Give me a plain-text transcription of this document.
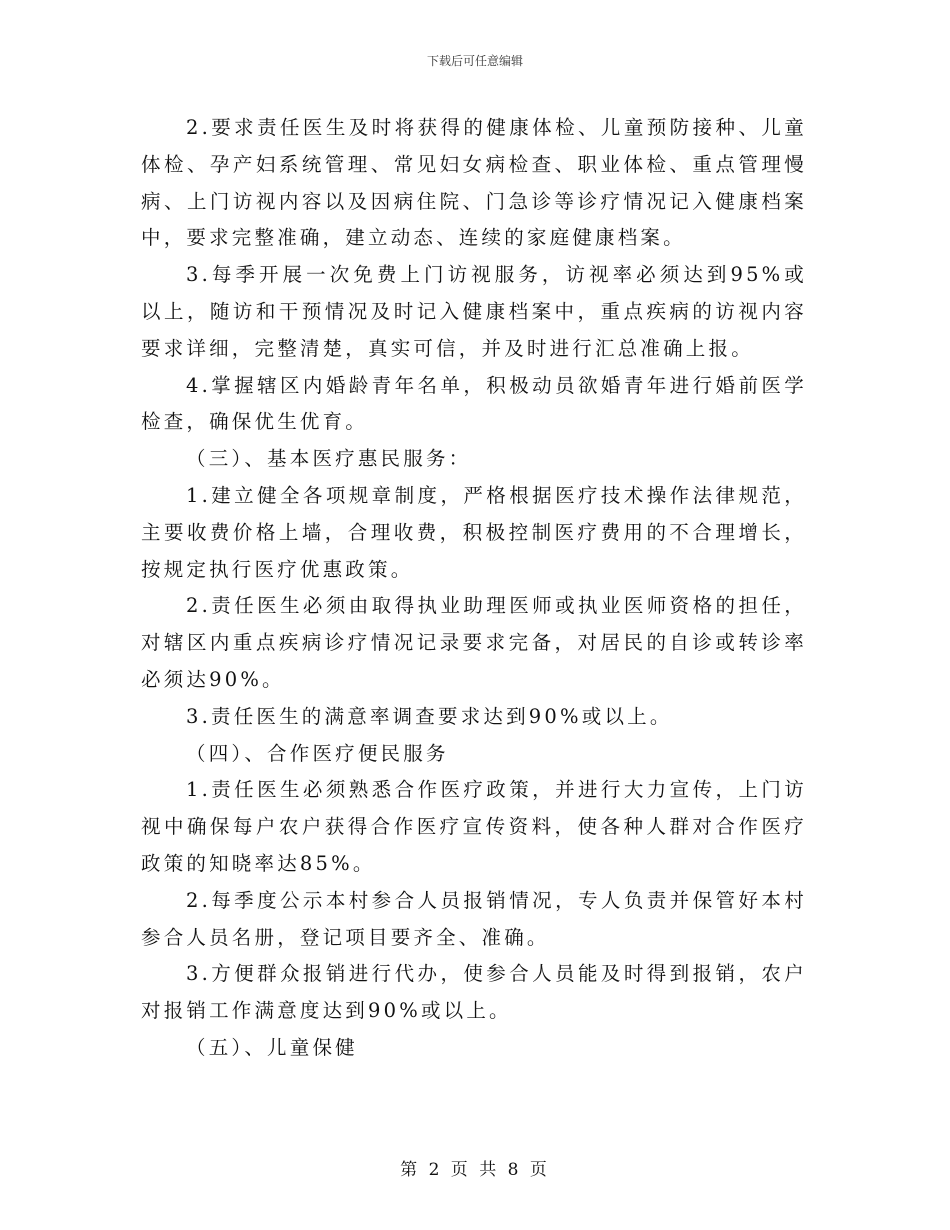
下载后可任意编辑

2.要求责任医生及时将获得的健康体检、儿童预防接种、儿童体检、孕产妇系统管理、常见妇女病检查、职业体检、重点管理慢病、上门访视内容以及因病住院、门急诊等诊疗情况记入健康档案中，要求完整准确，建立动态、连续的家庭健康档案。

3.每季开展一次免费上门访视服务，访视率必须达到95%或以上，随访和干预情况及时记入健康档案中，重点疾病的访视内容要求详细，完整清楚，真实可信，并及时进行汇总准确上报。

4.掌握辖区内婚龄青年名单，积极动员欲婚青年进行婚前医学检查，确保优生优育。

（三）、基本医疗惠民服务：

1.建立健全各项规章制度，严格根据医疗技术操作法律规范，主要收费价格上墙，合理收费，积极控制医疗费用的不合理增长，按规定执行医疗优惠政策。

2.责任医生必须由取得执业助理医师或执业医师资格的担任，对辖区内重点疾病诊疗情况记录要求完备，对居民的自诊或转诊率必须达90%。

3.责任医生的满意率调查要求达到90%或以上。

（四）、合作医疗便民服务

1.责任医生必须熟悉合作医疗政策，并进行大力宣传，上门访视中确保每户农户获得合作医疗宣传资料，使各种人群对合作医疗政策的知晓率达85%。

2.每季度公示本村参合人员报销情况，专人负责并保管好本村参合人员名册，登记项目要齐全、准确。

3.方便群众报销进行代办，使参合人员能及时得到报销，农户对报销工作满意度达到90%或以上。

（五）、儿童保健

第 2 页 共 8 页
